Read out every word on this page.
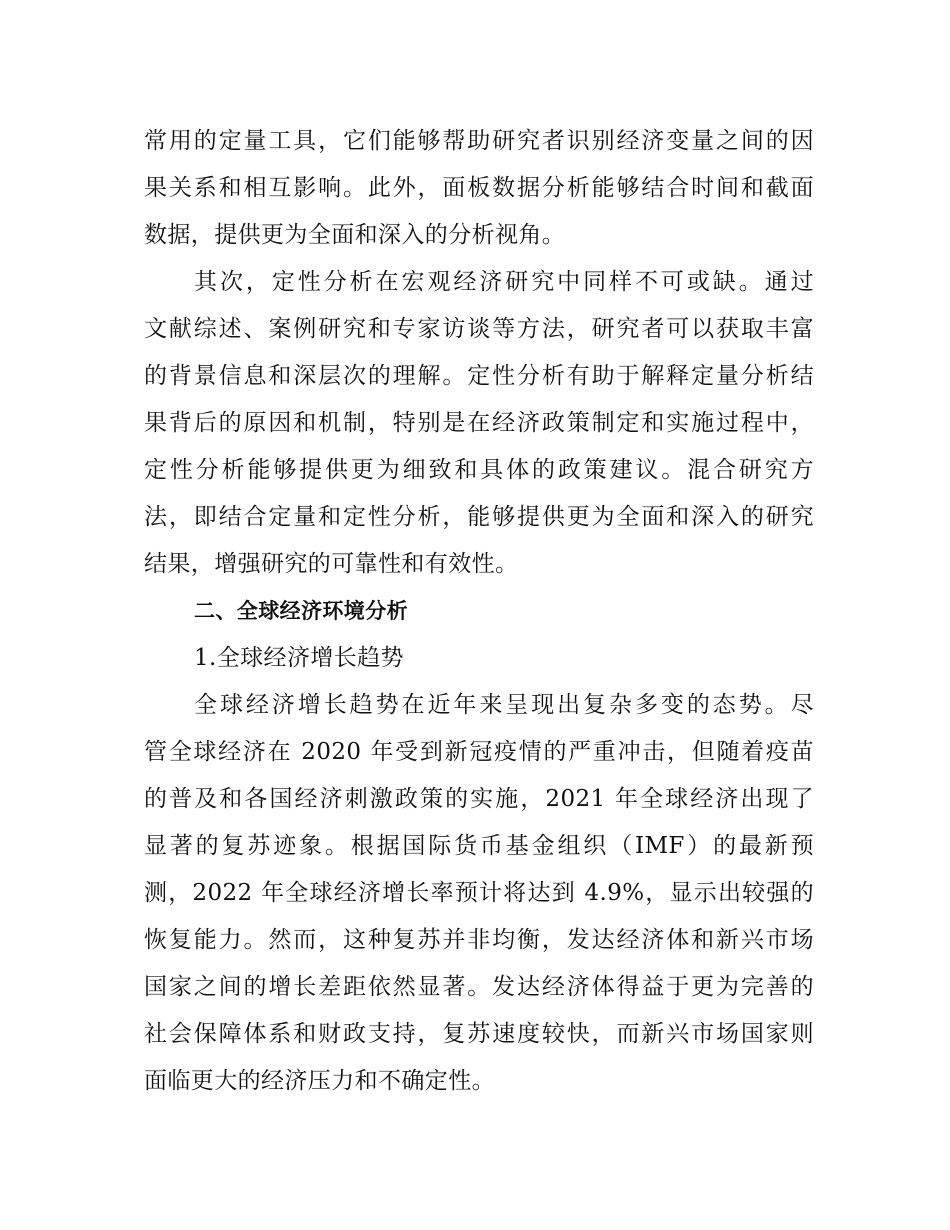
常用的定量工具，它们能够帮助研究者识别经济变量之间的因
果关系和相互影响。此外，面板数据分析能够结合时间和截面
数据，提供更为全面和深入的分析视角。
其次，定性分析在宏观经济研究中同样不可或缺。通过
文献综述、案例研究和专家访谈等方法，研究者可以获取丰富
的背景信息和深层次的理解。定性分析有助于解释定量分析结
果背后的原因和机制，特别是在经济政策制定和实施过程中，
定性分析能够提供更为细致和具体的政策建议。混合研究方
法，即结合定量和定性分析，能够提供更为全面和深入的研究
结果，增强研究的可靠性和有效性。
二、全球经济环境分析
1.全球经济增长趋势
全球经济增长趋势在近年来呈现出复杂多变的态势。尽
管全球经济在 2020 年受到新冠疫情的严重冲击，但随着疫苗
的普及和各国经济刺激政策的实施，2021 年全球经济出现了
显著的复苏迹象。根据国际货币基金组织（IMF）的最新预
测，2022 年全球经济增长率预计将达到 4.9%，显示出较强的
恢复能力。然而，这种复苏并非均衡，发达经济体和新兴市场
国家之间的增长差距依然显著。发达经济体得益于更为完善的
社会保障体系和财政支持，复苏速度较快，而新兴市场国家则
面临更大的经济压力和不确定性。
